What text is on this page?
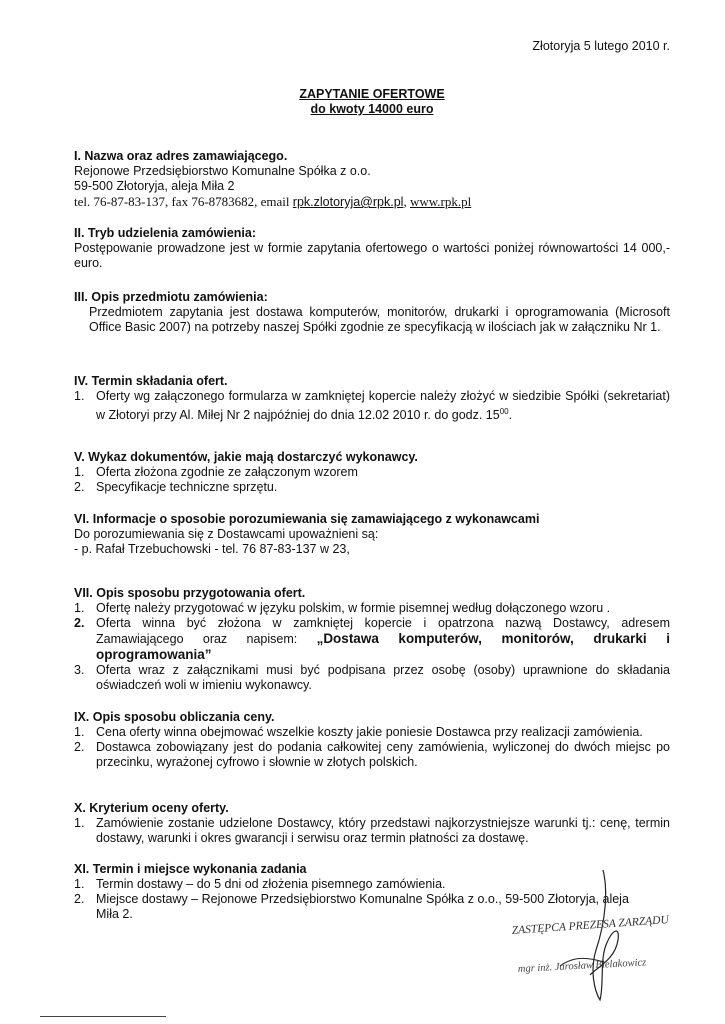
Złotoryja 5 lutego 2010 r.
ZAPYTANIE OFERTOWE
do kwoty 14000 euro
I. Nazwa oraz adres zamawiającego.
Rejonowe Przedsiębiorstwo Komunalne Spółka z o.o.
59-500 Złotoryja, aleja Miła 2
tel. 76-87-83-137, fax 76-8783682, email rpk.zlotoryja@rpk.pl, www.rpk.pl
II. Tryb udzielenia zamówienia:
Postępowanie prowadzone jest w formie zapytania ofertowego o wartości poniżej równowartości 14 000,- euro.
III. Opis przedmiotu zamówienia:
Przedmiotem zapytania jest dostawa komputerów, monitorów, drukarki i oprogramowania (Microsoft Office Basic 2007) na potrzeby naszej Spółki zgodnie ze specyfikacją w ilościach jak w załączniku Nr 1.
IV. Termin składania ofert.
1. Oferty wg załączonego formularza w zamkniętej kopercie należy złożyć w siedzibie Spółki (sekretariat) w Złotoryi przy Al. Miłej Nr 2 najpóźniej do dnia 12.02 2010 r. do godz. $15^{00}$.
V. Wykaz dokumentów, jakie mają dostarczyć wykonawcy.
1. Oferta złożona zgodnie ze załączonym wzorem
2. Specyfikacje techniczne sprzętu.
VI. Informacje o sposobie porozumiewania się zamawiającego z wykonawcami
Do porozumiewania się z Dostawcami upoważnieni są:
- p. Rafał Trzebuchowski - tel. 76 87-83-137 w 23,
VII. Opis sposobu przygotowania ofert.
1. Ofertę należy przygotować w języku polskim, w formie pisemnej według dołączonego wzoru .
2. Oferta winna być złożona w zamkniętej kopercie i opatrzona nazwą Dostawcy, adresem Zamawiającego oraz napisem: „Dostawa komputerów, monitorów, drukarki i oprogramowania”
3. Oferta wraz z załącznikami musi być podpisana przez osobę (osoby) uprawnione do składania oświadczeń woli w imieniu wykonawcy.
IX. Opis sposobu obliczania ceny.
1. Cena oferty winna obejmować wszelkie koszty jakie poniesie Dostawca przy realizacji zamówienia.
2. Dostawca zobowiązany jest do podania całkowitej ceny zamówienia, wyliczonej do dwóch miejsc po przecinku, wyrażonej cyfrowo i słownie w złotych polskich.
X. Kryterium oceny oferty.
1. Zamówienie zostanie udzielone Dostawcy, który przedstawi najkorzystniejsze warunki tj.: cenę, termin dostawy, warunki i okres gwarancji i serwisu oraz termin płatności za dostawę.
XI. Termin i miejsce wykonania zadania
1. Termin dostawy – do 5 dni od złożenia pisemnego zamówienia.
2. Miejsce dostawy – Rejonowe Przedsiębiorstwo Komunalne Spółka z o.o., 59-500 Złotoryja, aleja Miła 2.
ZASTĘPCA PREZESA ZARZĄDU
mgr inż. Jarosław Bielakowicz
